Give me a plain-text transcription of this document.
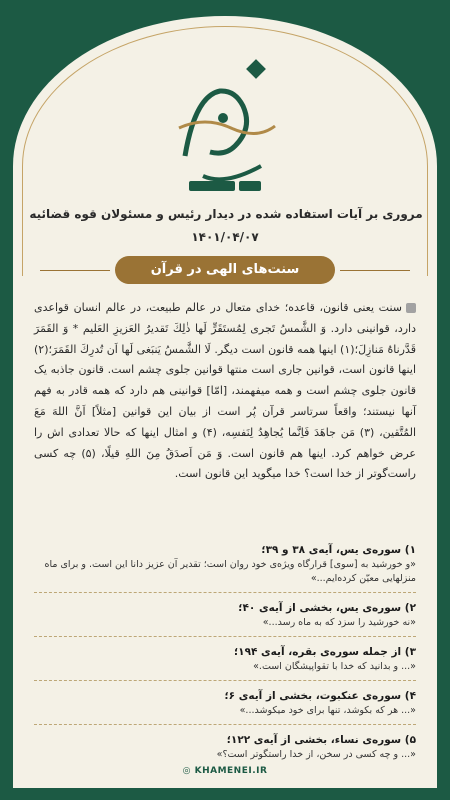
مروری بر آیات استفاده شده در دیدار رئیس و مسئولان قوه قضائیه
۱۴۰۱/۰۴/۰۷
سنت‌های الهی در قرآن
سنت یعنی قانون، قاعده؛ خدای متعال در عالم طبیعت، در عالم انسان قواعدی دارد، قوانینی دارد. وَ الشَّمسُ تَجری لِمُستَقَرٍّ لَها ذٰلِكَ تَقديرُ العَزيزِ العَليم * وَ القَمَرَ قَدَّرناهُ مَنازِلَ؛(۱) اینها همه قانون است دیگر. لَا الشَّمسُ يَنبَغی لَها اَن تُدرِكَ القَمَرَ؛(۲) اینها قانون است، قوانین جاری است منتها قوانین جلوی چشم است. قانون جاذبه یک قانون جلوی چشم است و همه میفهمند، [امّا] قوانینی هم دارد که همه قادر به فهم آنها نیستند؛ واقعاً سرتاسر قرآن پُر است از بیان این قوانین [مثلاً] اَنَّ اللهَ مَعَ المُتَّقين، (۳) مَن جاهَدَ فَاِنَّما يُجاهِدُ لِنَفسِه، (۴) و امثال اینها که حالا تعدادی اش را عرض خواهم کرد. اینها هم قانون است. وَ مَن اَصدَقُ مِنَ اللهِ قيلًا، (۵) چه کسی راست‌گوتر از خدا است؟ خدا میگوید این قانون است.
۱) سوره‌ی یس، آیه‌ی ۳۸ و ۳۹؛
«و خورشید به [سوی] قرارگاه ویژه‌ی خود روان است؛ تقدیر آن عزیز دانا این است. و برای ماه منزلهایی معیّن کرده‌ایم...»
۲) سوره‌ی یس، بخشی از آیه‌ی ۴۰؛
«نه خورشید را سزد که به ماه رسد...»
۳) از جمله سوره‌ی بقره، آیه‌ی ۱۹۴؛
«... و بدانید که خدا با تقواپیشگان است.»
۴) سوره‌ی عنکبوت، بخشی از آیه‌ی ۶؛
«... هر که بکوشد، تنها برای خود میکوشد...»
۵) سوره‌ی نساء، بخشی از آیه‌ی ۱۲۲؛
«... و چه کسی در سخن، از خدا راستگوتر است؟»
◎ KHAMENEI.IR
